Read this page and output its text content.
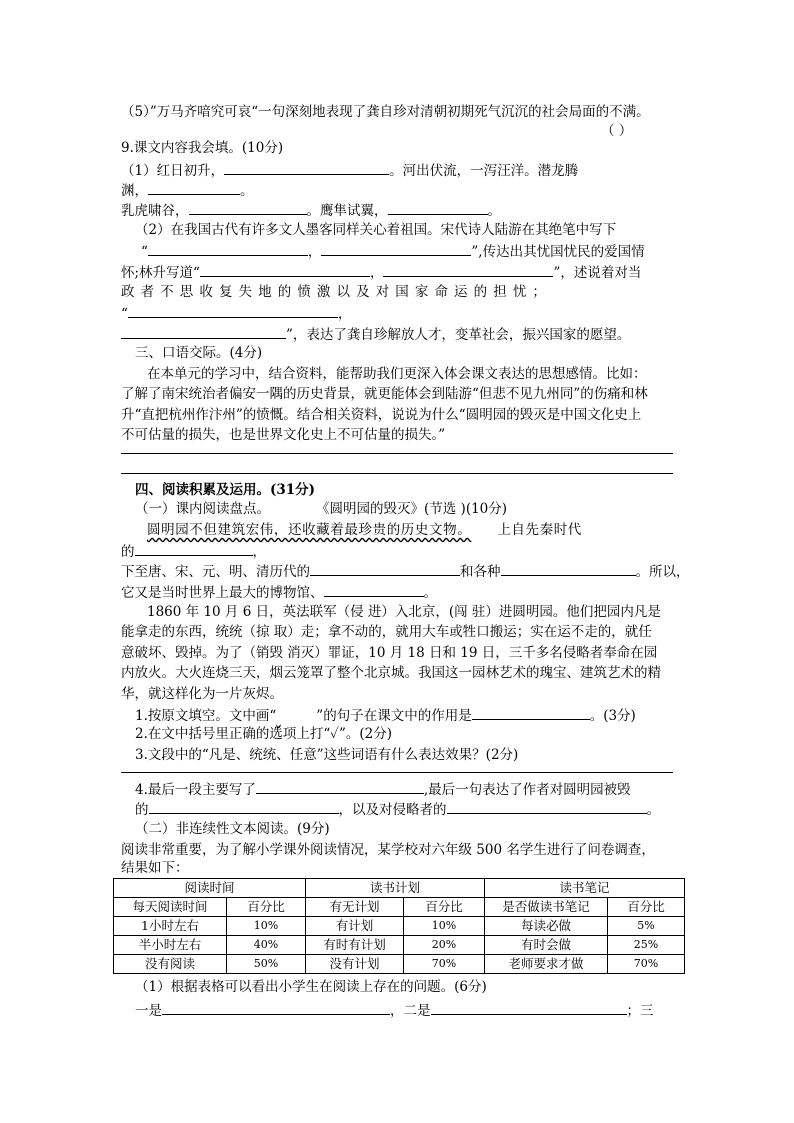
（5）”万马齐喑究可哀“一句深刻地表现了龚自珍对清朝初期死气沉沉的社会局面的不满。
（ ）
9.课文内容我会填。(10分)
（1）红日初升，	。河出伏流，一泻汪洋。潜龙腾
渊，	。
乳虎啸谷，	。鹰隼试翼，	。
（2）在我国古代有许多文人墨客同样关心着祖国。宋代诗人陆游在其绝笔中写下
“	，	”,传达出其忧国忧民的爱国情
怀;林升写道“	，	”，述说着对当
政 者 不 思 收 复 失 地 的 愤 激 以 及 对 国 家 命 运 的 担 忧 ；
“	，
”，表达了龚自珍解放人才，变革社会，振兴国家的愿望。
三、口语交际。(4分)
在本单元的学习中，结合资料，能帮助我们更深入体会课文表达的思想感情。比如：
了解了南宋统治者偏安一隅的历史背景，就更能体会到陆游“但悲不见九州同”的伤痛和林
升“直把杭州作汴州”的愤慨。结合相关资料，说说为什么“圆明园的毁灭是中国文化史上
不可估量的损失，也是世界文化史上不可估量的损失。”
四、阅读积累及运用。(31分)
（一）课内阅读盘点。	《圆明园的毁灭》(节选 )(10分)
圆明园不但建筑宏伟，还收藏着最珍贵的历史文物。 上自先秦时代
的	，
下至唐、宋、元、明、清历代的	和各种	。所以，
它又是当时世界上最大的博物馆、	。
1860 年 10 月 6 日，英法联军（侵 进）入北京，(闯 驻）进圆明园。他们把园内凡是
能拿走的东西，统统（掠 取）走；拿不动的，就用大车或牲口搬运；实在运不走的，就任
意破坏、毁掉。为了（销毁 消灭）罪证，10 月 18 日和 19 日，三千多名侵略者奉命在园
内放火。大火连烧三天，烟云笼罩了整个北京城。我国这一园林艺术的瑰宝、建筑艺术的精
华，就这样化为一片灰烬。
1.按原文填空。文中画“	”的句子在课文中的作用是	。(3分)
2.在文中括号里正确的选项上打“✓”。(2分)
3.文段中的“凡是、统统、任意”这些词语有什么表达效果？(2分)
4.最后一段主要写了	,最后一句表达了作者对圆明园被毁
的	，以及对侵略者的	。
（二）非连续性文本阅读。(9分)
阅读非常重要，为了解小学课外阅读情况，某学校对六年级 500 名学生进行了问卷调查，
结果如下：
阅读时间		读书计划		读书笔记	
每天阅读时间	百分比	有无计划	百分比	是否做读书笔记	百分比
1小时左右	10%	有计划	10%	每读必做	5%
半小时左右	40%	有时有计划	20%	有时会做	25%
没有阅读	50%	没有计划	70%	老师要求才做	70%
（1）根据表格可以看出小学生在阅读上存在的问题。(6分)
一是	，二是	；三
